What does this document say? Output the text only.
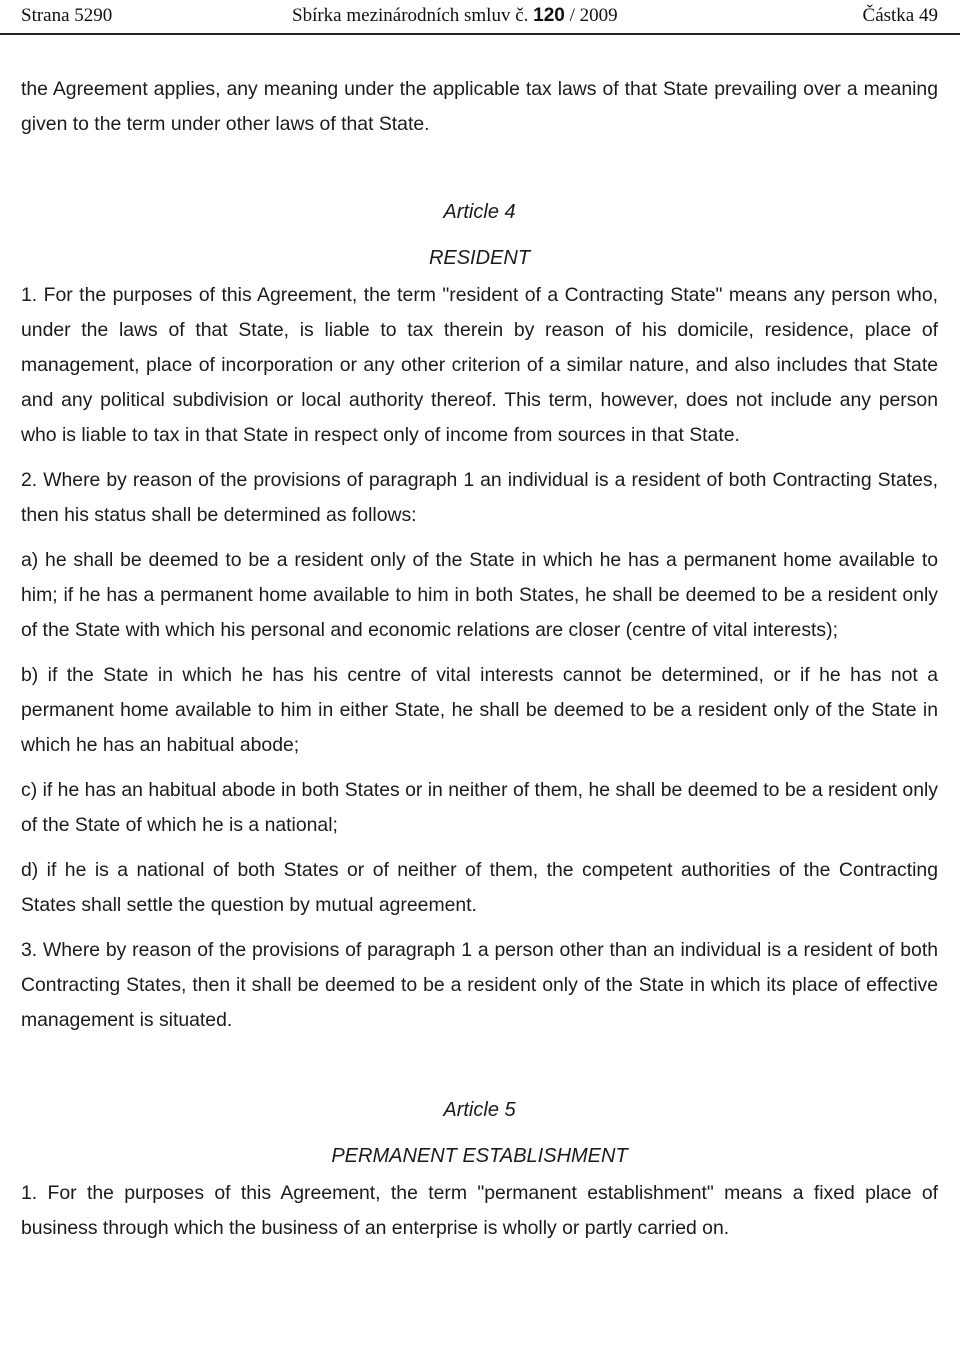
Strana 5290	Sbírka mezinárodních smluv č. 120 / 2009	Částka 49

the Agreement applies, any meaning under the applicable tax laws of that State prevailing over a meaning given to the term under other laws of that State.

Article 4
RESIDENT

1. For the purposes of this Agreement, the term "resident of a Contracting State" means any person who, under the laws of that State, is liable to tax therein by reason of his domicile, residence, place of management, place of incorporation or any other criterion of a similar nature, and also includes that State and any political subdivision or local authority thereof. This term, however, does not include any person who is liable to tax in that State in respect only of income from sources in that State.

2. Where by reason of the provisions of paragraph 1 an individual is a resident of both Contracting States, then his status shall be determined as follows:

a) he shall be deemed to be a resident only of the State in which he has a permanent home available to him; if he has a permanent home available to him in both States, he shall be deemed to be a resident only of the State with which his personal and economic relations are closer (centre of vital interests);

b) if the State in which he has his centre of vital interests cannot be determined, or if he has not a permanent home available to him in either State, he shall be deemed to be a resident only of the State in which he has an habitual abode;

c) if he has an habitual abode in both States or in neither of them, he shall be deemed to be a resident only of the State of which he is a national;

d) if he is a national of both States or of neither of them, the competent authorities of the Contracting States shall settle the question by mutual agreement.

3. Where by reason of the provisions of paragraph 1 a person other than an individual is a resident of both Contracting States, then it shall be deemed to be a resident only of the State in which its place of effective management is situated.

Article 5
PERMANENT ESTABLISHMENT

1. For the purposes of this Agreement, the term "permanent establishment" means a fixed place of business through which the business of an enterprise is wholly or partly carried on.
